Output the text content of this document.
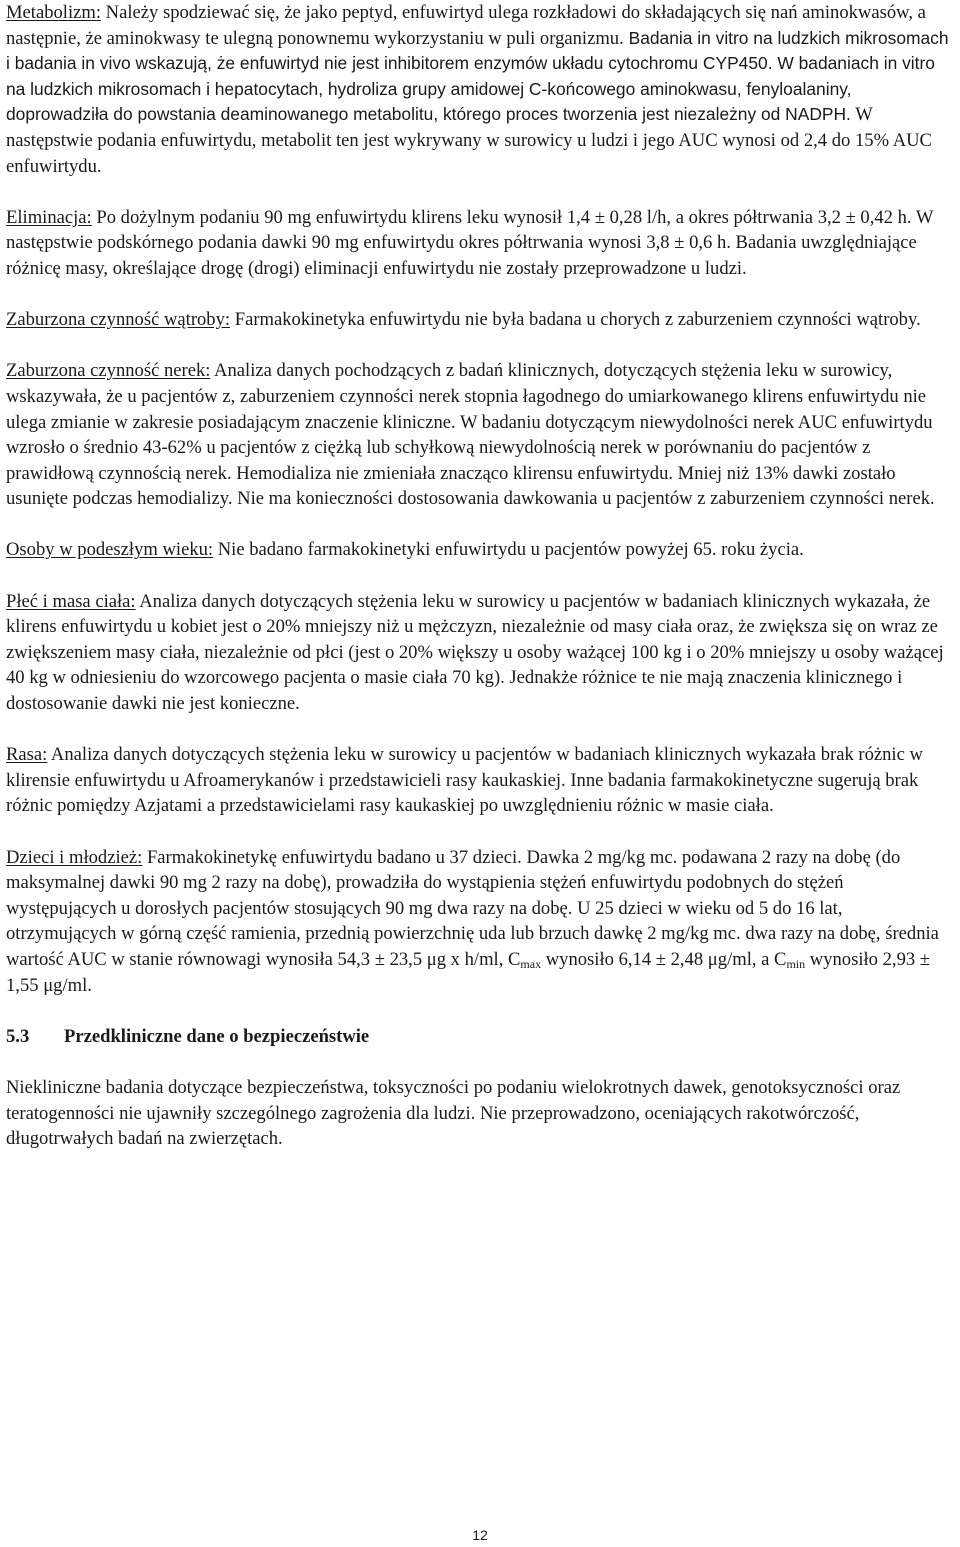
Metabolizm: Należy spodziewać się, że jako peptyd, enfuwirtyd ulega rozkładowi do składających się nań aminokwasów, a następnie, że aminokwasy te ulegną ponownemu wykorzystaniu w puli organizmu. Badania in vitro na ludzkich mikrosomach i badania in vivo wskazują, że enfuwirtyd nie jest inhibitorem enzymów układu cytochromu CYP450. W badaniach in vitro na ludzkich mikrosomach i hepatocytach, hydroliza grupy amidowej C-końcowego aminokwasu, fenyloalaniny, doprowadziła do powstania deaminowanego metabolitu, którego proces tworzenia jest niezależny od NADPH. W następstwie podania enfuwirtydu, metabolit ten jest wykrywany w surowicy u ludzi i jego AUC wynosi od 2,4 do 15% AUC enfuwirtydu.

Eliminacja: Po dożylnym podaniu 90 mg enfuwirtydu klirens leku wynosił 1,4 ± 0,28 l/h, a okres półtrwania 3,2 ± 0,42 h. W następstwie podskórnego podania dawki 90 mg enfuwirtydu okres półtrwania wynosi 3,8 ± 0,6 h. Badania uwzględniające różnicę masy, określające drogę (drogi) eliminacji enfuwirtydu nie zostały przeprowadzone u ludzi.

Zaburzona czynność wątroby: Farmakokinetyka enfuwirtydu nie była badana u chorych z zaburzeniem czynności wątroby.

Zaburzona czynność nerek: Analiza danych pochodzących z badań klinicznych, dotyczących stężenia leku w surowicy, wskazywała, że u pacjentów z, zaburzeniem czynności nerek stopnia łagodnego do umiarkowanego klirens enfuwirtydu nie ulega zmianie w zakresie posiadającym znaczenie kliniczne. W badaniu dotyczącym niewydolności nerek AUC enfuwirtydu wzrosło o średnio 43-62% u pacjentów z ciężką lub schyłkową niewydolnością nerek w porównaniu do pacjentów z prawidłową czynnością nerek. Hemodializa nie zmieniała znacząco klirensu enfuwirtydu. Mniej niż 13% dawki zostało usunięte podczas hemodializy. Nie ma konieczności dostosowania dawkowania u pacjentów z zaburzeniem czynności nerek.

Osoby w podeszłym wieku: Nie badano farmakokinetyki enfuwirtydu u pacjentów powyżej 65. roku życia.

Płeć i masa ciała: Analiza danych dotyczących stężenia leku w surowicy u pacjentów w badaniach klinicznych wykazała, że klirens enfuwirtydu u kobiet jest o 20% mniejszy niż u mężczyzn, niezależnie od masy ciała oraz, że zwiększa się on wraz ze zwiększeniem masy ciała, niezależnie od płci (jest o 20% większy u osoby ważącej 100 kg i o 20% mniejszy u osoby ważącej 40 kg w odniesieniu do wzorcowego pacjenta o masie ciała 70 kg). Jednakże różnice te nie mają znaczenia klinicznego i dostosowanie dawki nie jest konieczne.

Rasa: Analiza danych dotyczących stężenia leku w surowicy u pacjentów w badaniach klinicznych wykazała brak różnic w klirensie enfuwirtydu u Afroamerykanów i przedstawicieli rasy kaukaskiej. Inne badania farmakokinetyczne sugerują brak różnic pomiędzy Azjatami a przedstawicielami rasy kaukaskiej po uwzględnieniu różnic w masie ciała.

Dzieci i młodzież: Farmakokinetykę enfuwirtydu badano u 37 dzieci. Dawka 2 mg/kg mc. podawana 2 razy na dobę (do maksymalnej dawki 90 mg 2 razy na dobę), prowadziła do wystąpienia stężeń enfuwirtydu podobnych do stężeń występujących u dorosłych pacjentów stosujących 90 mg dwa razy na dobę. U 25 dzieci w wieku od 5 do 16 lat, otrzymujących w górną część ramienia, przednią powierzchnię uda lub brzuch dawkę 2 mg/kg mc. dwa razy na dobę, średnia wartość AUC w stanie równowagi wynosiła 54,3 ± 23,5 μg x h/ml, $C_{max}$ wynosiło 6,14 ± 2,48 μg/ml, a $C_{min}$ wynosiło 2,93 ± 1,55 μg/ml.

5.3 Przedkliniczne dane o bezpieczeństwie

Niekliniczne badania dotyczące bezpieczeństwa, toksyczności po podaniu wielokrotnych dawek, genotoksyczności oraz teratogenności nie ujawniły szczególnego zagrożenia dla ludzi. Nie przeprowadzono, oceniających rakotwórczość, długotrwałych badań na zwierzętach.

12
